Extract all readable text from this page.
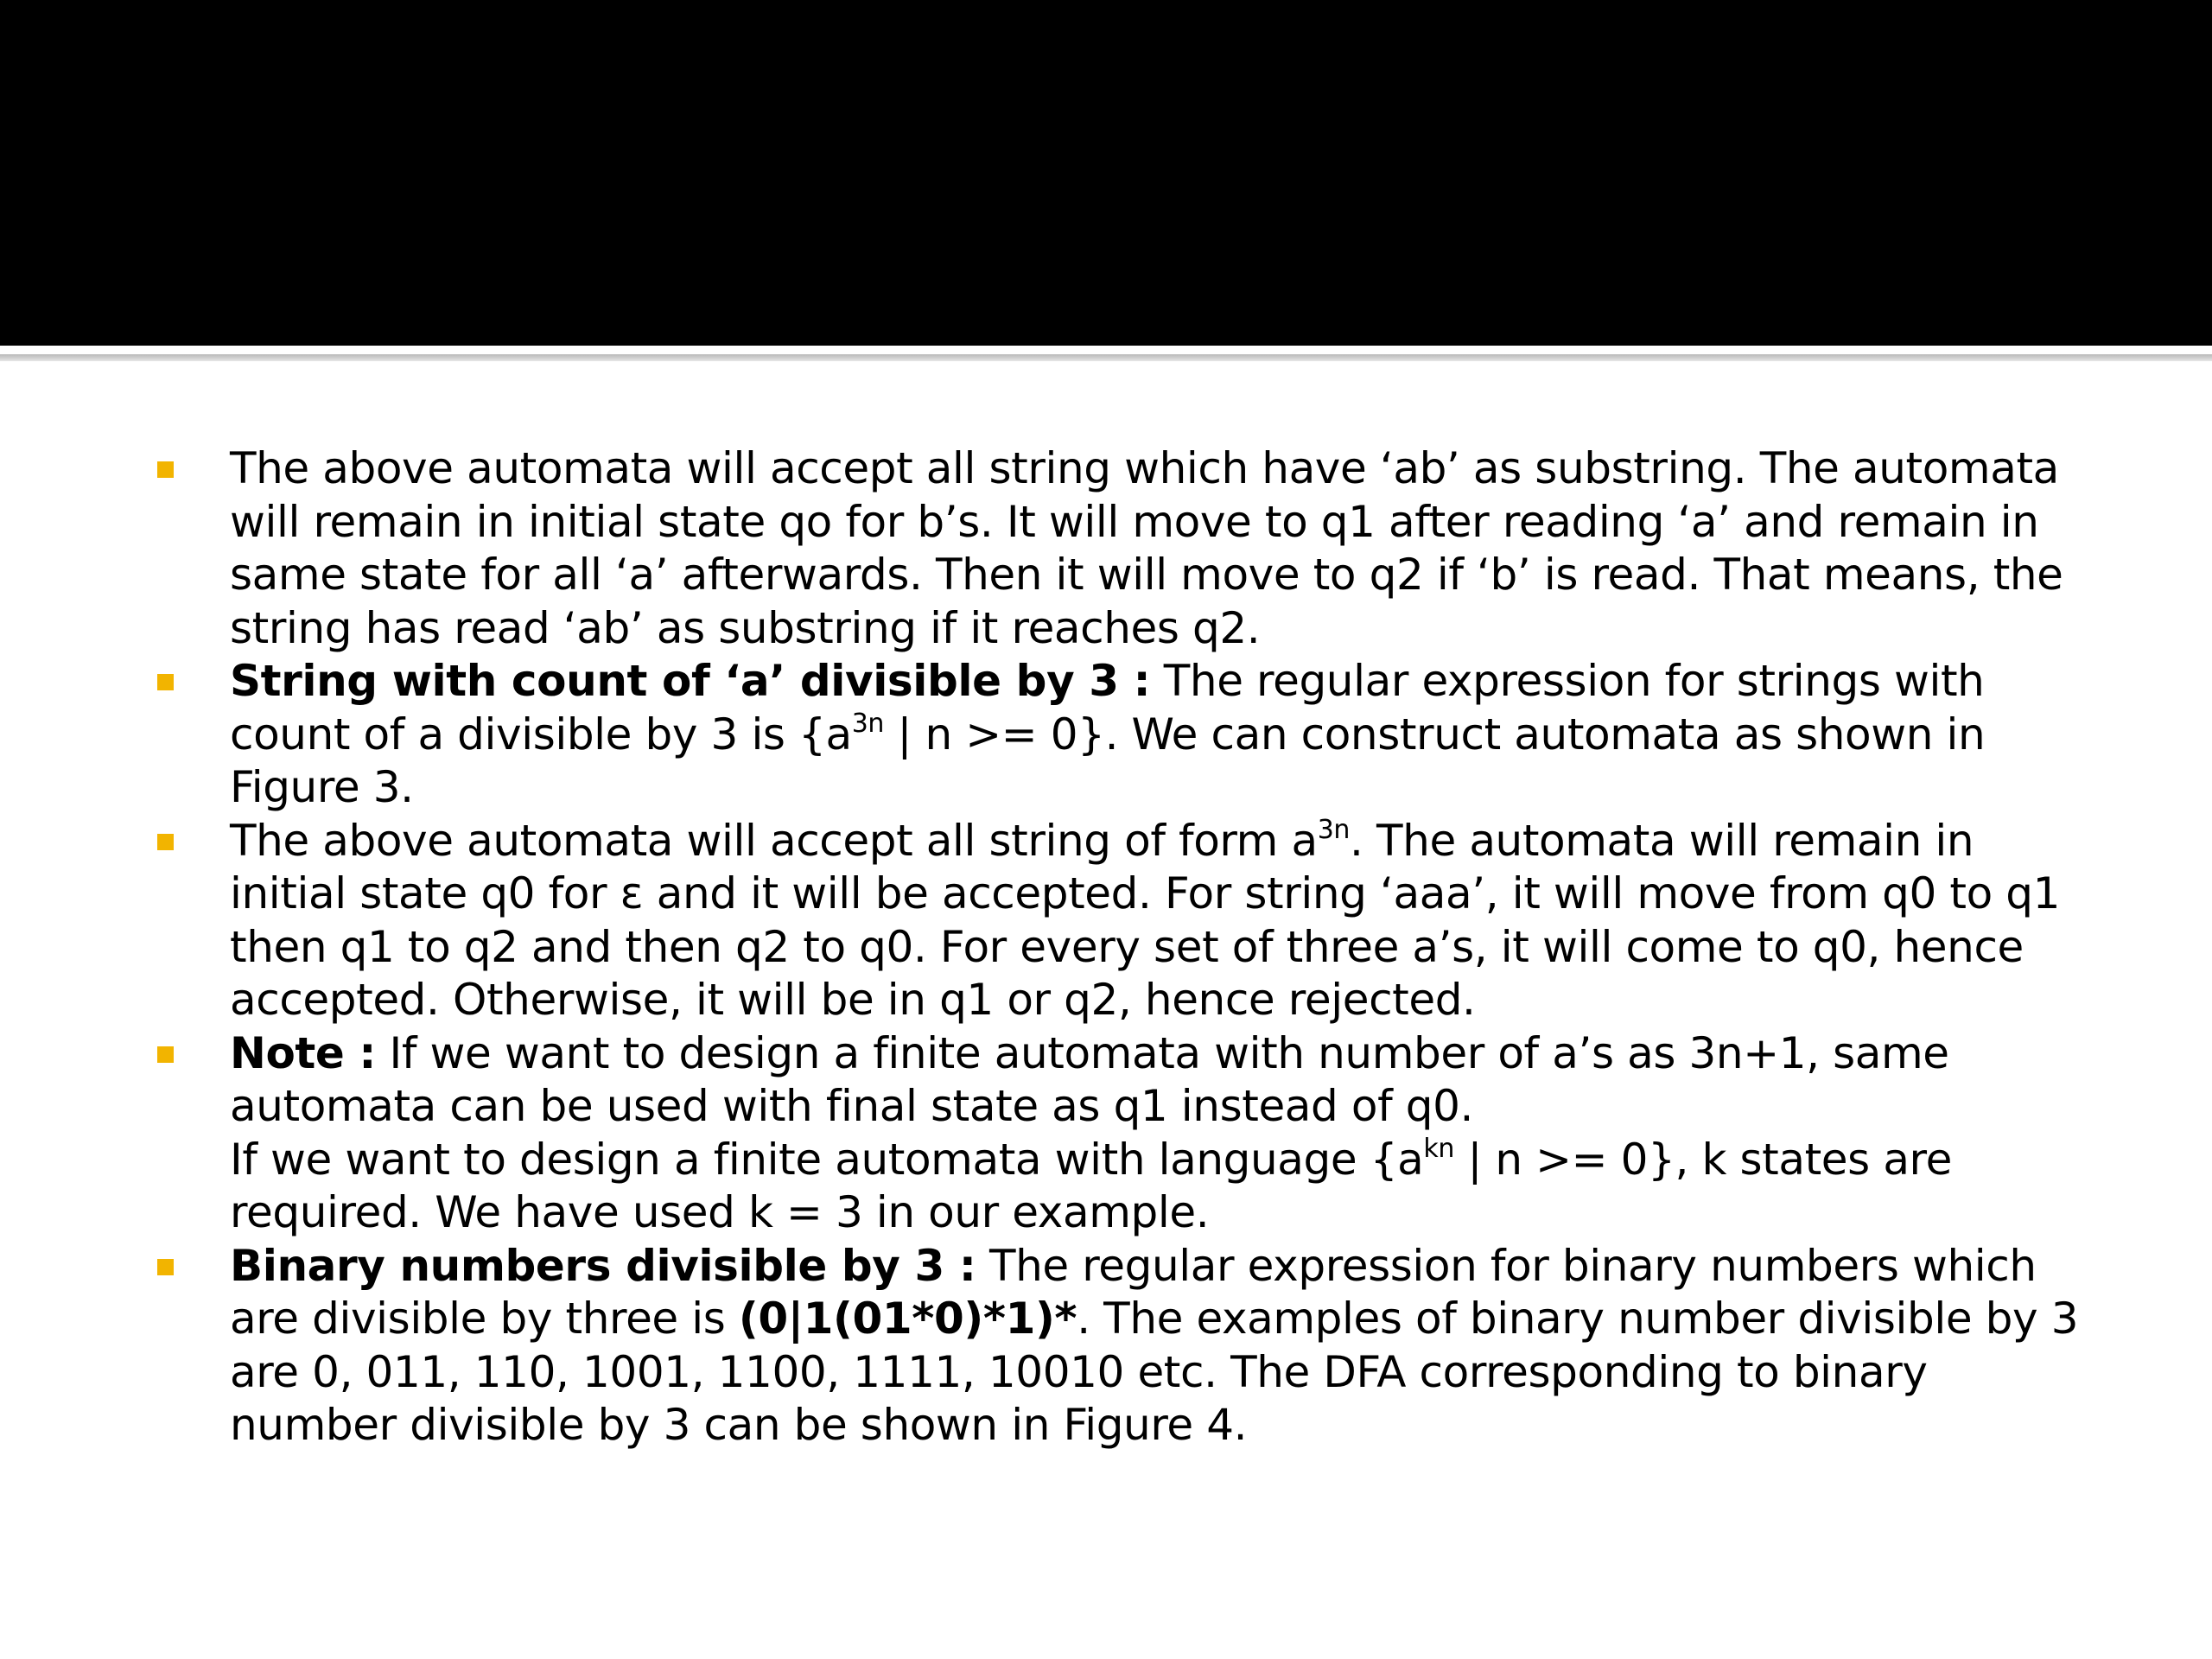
The above automata will accept all string which have ‘ab’ as substring. The automata will remain in initial state qo for b’s. It will move to q1 after reading ‘a’ and remain in same state for all ‘a’ afterwards. Then it will move to q2 if ‘b’ is read. That means, the string has read ‘ab’ as substring if it reaches q2.
String with count of ‘a’ divisible by 3 : The regular expression for strings with count of a divisible by 3 is {$a^{3n}$ | n >= 0}. We can construct automata as shown in Figure 3.
The above automata will accept all string of form $a^{3n}$. The automata will remain in initial state q0 for ε and it will be accepted. For string ‘aaa’, it will move from q0 to q1 then q1 to q2 and then q2 to q0. For every set of three a’s, it will come to q0, hence accepted. Otherwise, it will be in q1 or q2, hence rejected.
Note : If we want to design a finite automata with number of a’s as 3n+1, same automata can be used with final state as q1 instead of q0.
If we want to design a finite automata with language {$a^{kn}$ | n >= 0}, k states are required. We have used k = 3 in our example.
Binary numbers divisible by 3 : The regular expression for binary numbers which are divisible by three is (0|1(01*0)*1)*. The examples of binary number divisible by 3 are 0, 011, 110, 1001, 1100, 1111, 10010 etc. The DFA corresponding to binary number divisible by 3 can be shown in Figure 4.
